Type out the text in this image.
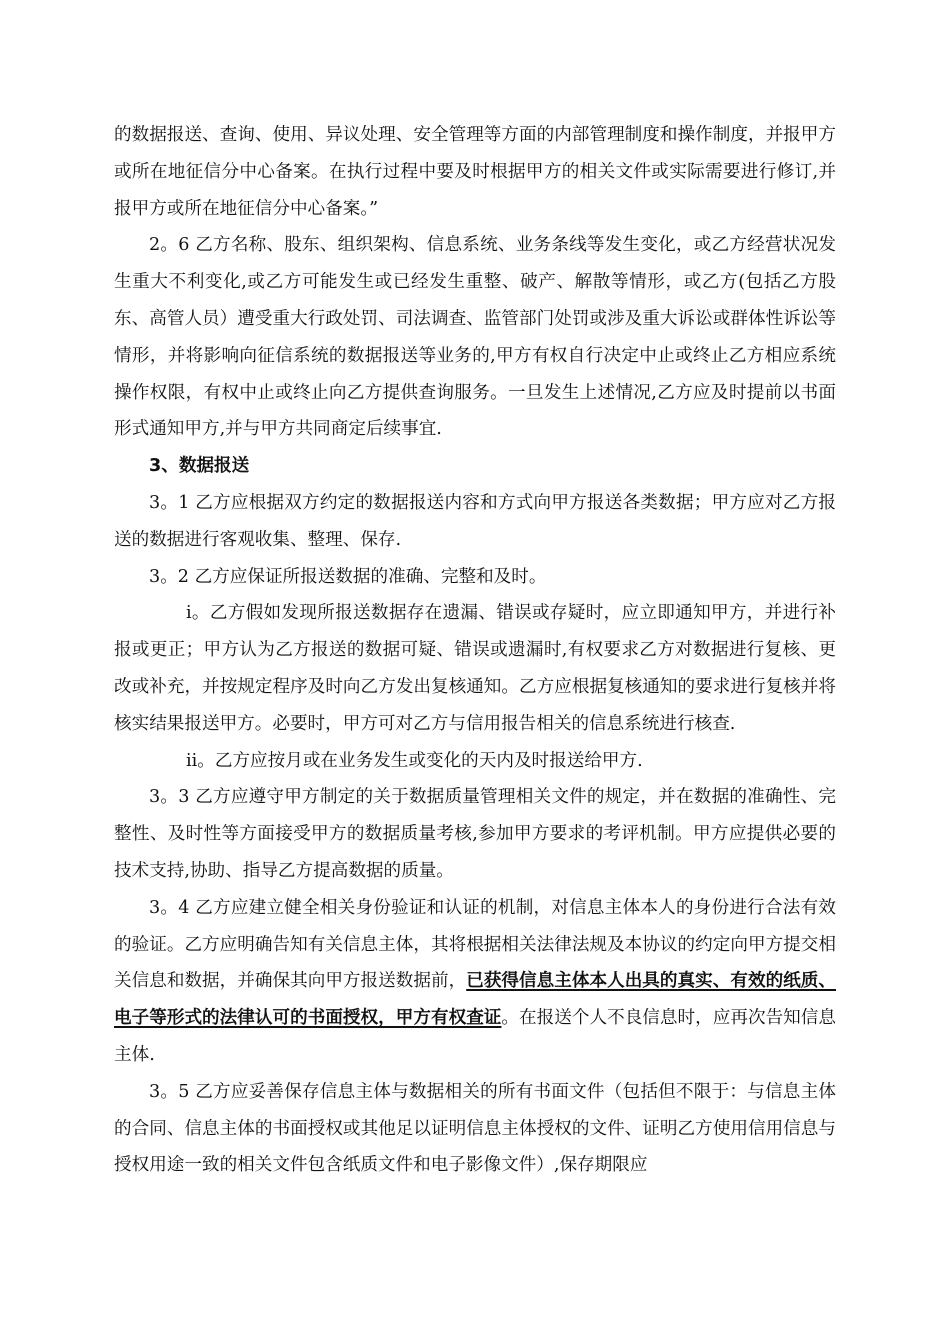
的数据报送、查询、使用、异议处理、安全管理等方面的内部管理制度和操作制度，并报甲方或所在地征信分中心备案。在执行过程中要及时根据甲方的相关文件或实际需要进行修订,并报甲方或所在地征信分中心备案。”

2。6 乙方名称、股东、组织架构、信息系统、业务条线等发生变化，或乙方经营状况发生重大不利变化,或乙方可能发生或已经发生重整、破产、解散等情形，或乙方(包括乙方股东、高管人员）遭受重大行政处罚、司法调查、监管部门处罚或涉及重大诉讼或群体性诉讼等情形，并将影响向征信系统的数据报送等业务的,甲方有权自行决定中止或终止乙方相应系统操作权限，有权中止或终止向乙方提供查询服务。一旦发生上述情况,乙方应及时提前以书面形式通知甲方,并与甲方共同商定后续事宜.

3、数据报送

3。1 乙方应根据双方约定的数据报送内容和方式向甲方报送各类数据；甲方应对乙方报送的数据进行客观收集、整理、保存.

3。2 乙方应保证所报送数据的准确、完整和及时。

i。乙方假如发现所报送数据存在遗漏、错误或存疑时，应立即通知甲方，并进行补报或更正；甲方认为乙方报送的数据可疑、错误或遗漏时,有权要求乙方对数据进行复核、更改或补充，并按规定程序及时向乙方发出复核通知。乙方应根据复核通知的要求进行复核并将核实结果报送甲方。必要时，甲方可对乙方与信用报告相关的信息系统进行核查.

ii。乙方应按月或在业务发生或变化的天内及时报送给甲方.

3。3 乙方应遵守甲方制定的关于数据质量管理相关文件的规定，并在数据的准确性、完整性、及时性等方面接受甲方的数据质量考核,参加甲方要求的考评机制。甲方应提供必要的技术支持,协助、指导乙方提高数据的质量。

3。4 乙方应建立健全相关身份验证和认证的机制，对信息主体本人的身份进行合法有效的验证。乙方应明确告知有关信息主体，其将根据相关法律法规及本协议的约定向甲方提交相关信息和数据，并确保其向甲方报送数据前，已获得信息主体本人出具的真实、有效的纸质、电子等形式的法律认可的书面授权，甲方有权查证。在报送个人不良信息时，应再次告知信息主体.

3。5 乙方应妥善保存信息主体与数据相关的所有书面文件（包括但不限于：与信息主体的合同、信息主体的书面授权或其他足以证明信息主体授权的文件、证明乙方使用信用信息与授权用途一致的相关文件包含纸质文件和电子影像文件）,保存期限应
